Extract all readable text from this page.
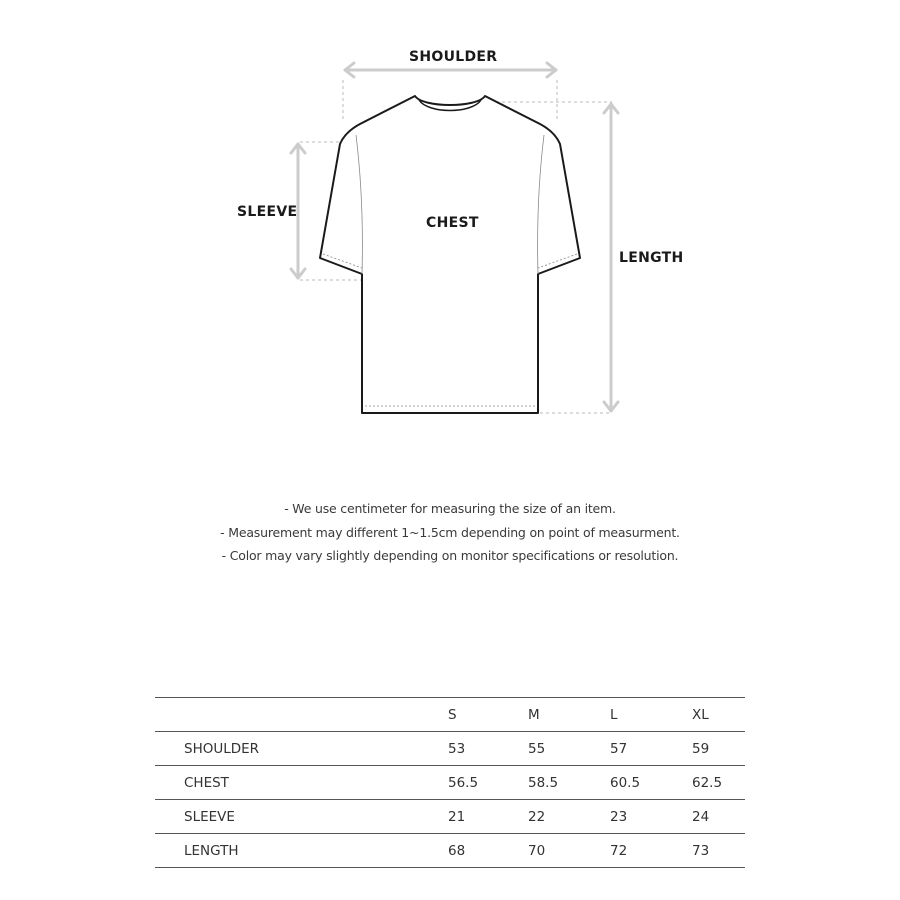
SHOULDER
SLEEVE
CHEST
LENGTH
- We use centimeter for measuring the size of an item.
- Measurement may different 1~1.5cm depending on point of measurment.
- Color may vary slightly depending on monitor specifications or resolution.
	S	M	L	XL
SHOULDER	53	55	57	59
CHEST	56.5	58.5	60.5	62.5
SLEEVE	21	22	23	24
LENGTH	68	70	72	73
